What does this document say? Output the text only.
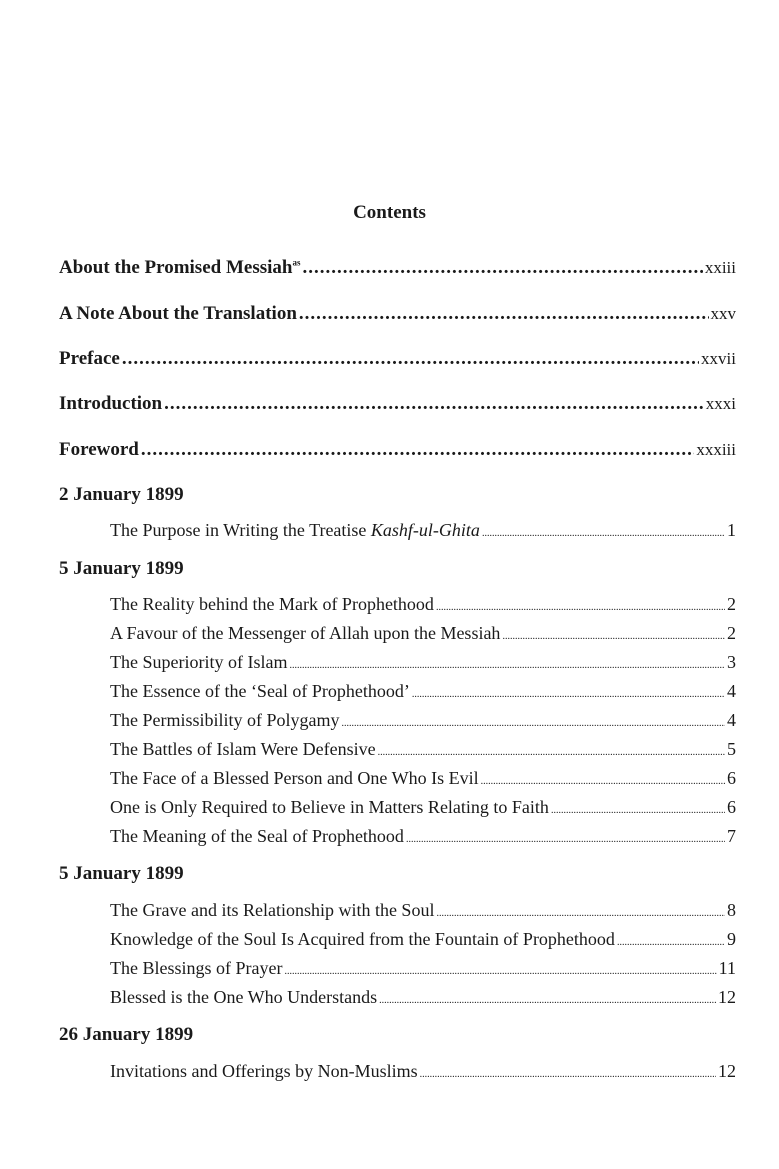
Contents
About the Promised Messiah$^{as}$ .....	xxiii
A Note About the Translation .....	xxv
Preface .....	xxvii
Introduction .....	xxxi
Foreword .....	xxxiii
2 January 1899
The Purpose in Writing the Treatise Kashf-ul-Ghita .....	1
5 January 1899
The Reality behind the Mark of Prophethood .....	2
A Favour of the Messenger of Allah upon the Messiah .....	2
The Superiority of Islam .....	3
The Essence of the ‘Seal of Prophethood’ .....	4
The Permissibility of Polygamy .....	4
The Battles of Islam Were Defensive .....	5
The Face of a Blessed Person and One Who Is Evil .....	6
One is Only Required to Believe in Matters Relating to Faith .....	6
The Meaning of the Seal of Prophethood .....	7
5 January 1899
The Grave and its Relationship with the Soul .....	8
Knowledge of the Soul Is Acquired from the Fountain of Prophethood .....	9
The Blessings of Prayer .....	11
Blessed is the One Who Understands .....	12
26 January 1899
Invitations and Offerings by Non-Muslims .....	12
